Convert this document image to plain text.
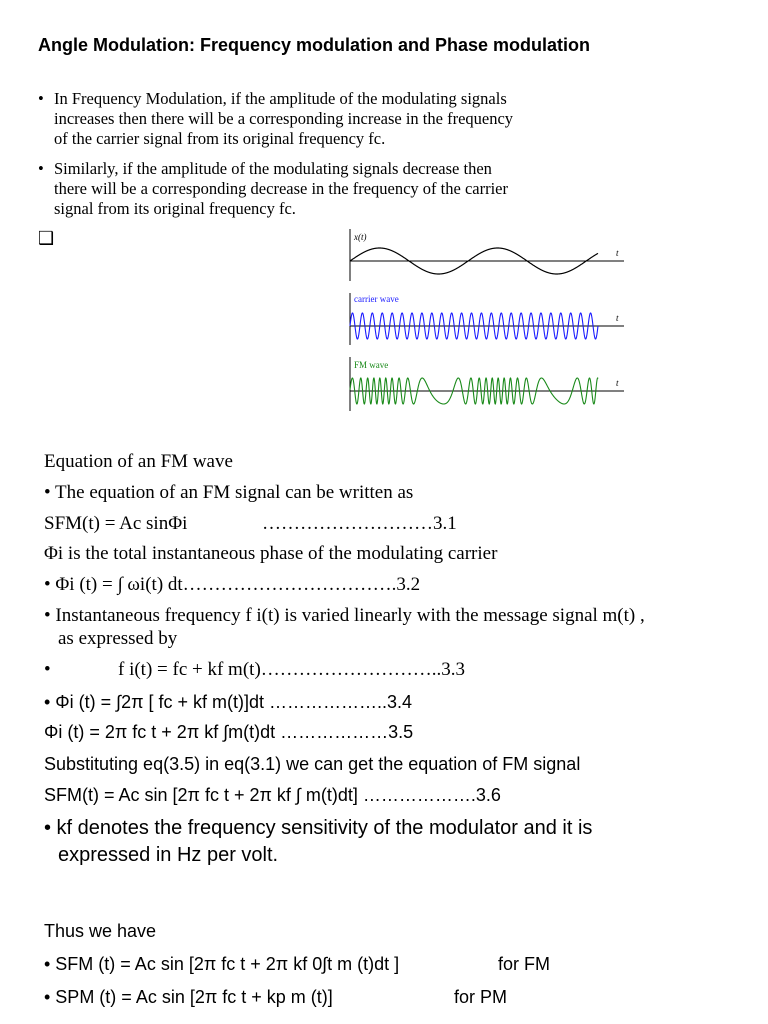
Angle Modulation: Frequency modulation and Phase modulation
• In Frequency Modulation, if the amplitude of the modulating signals
increases then there will be a corresponding increase in the frequency
of the carrier signal from its original frequency fc.
• Similarly, if the amplitude of the modulating signals decrease then
there will be a corresponding decrease in the frequency of the carrier
signal from its original frequency fc.
❑	x(t)
t
carrier wave
t
FM wave
t
Equation of an FM wave
• The equation of an FM signal can be written as
SFM(t) = Ac sinΦi	………………………3.1
Φi is the total instantaneous phase of the modulating carrier
• Φi (t) = ∫ ωi(t) dt…………………………….3.2
• Instantaneous frequency f i(t) is varied linearly with the message signal m(t) ,
as expressed by
•	f i(t) = fc + kf m(t)………………………..3.3
• Φi (t) = ∫2π [ fc + kf m(t)]dt ………………..3.4
Φi (t) = 2π fc t + 2π kf ∫m(t)dt ………………3.5
Substituting eq(3.5) in eq(3.1) we can get the equation of FM signal
SFM(t) = Ac sin [2π fc t + 2π kf ∫ m(t)dt] ……………….3.6
• kf denotes the frequency sensitivity of the modulator and it is
expressed in Hz per volt.
Thus we have
• SFM (t) = Ac sin [2π fc t + 2π kf 0∫t m (t)dt ]	for FM
• SPM (t) = Ac sin [2π fc t + kp m (t)]	for PM
